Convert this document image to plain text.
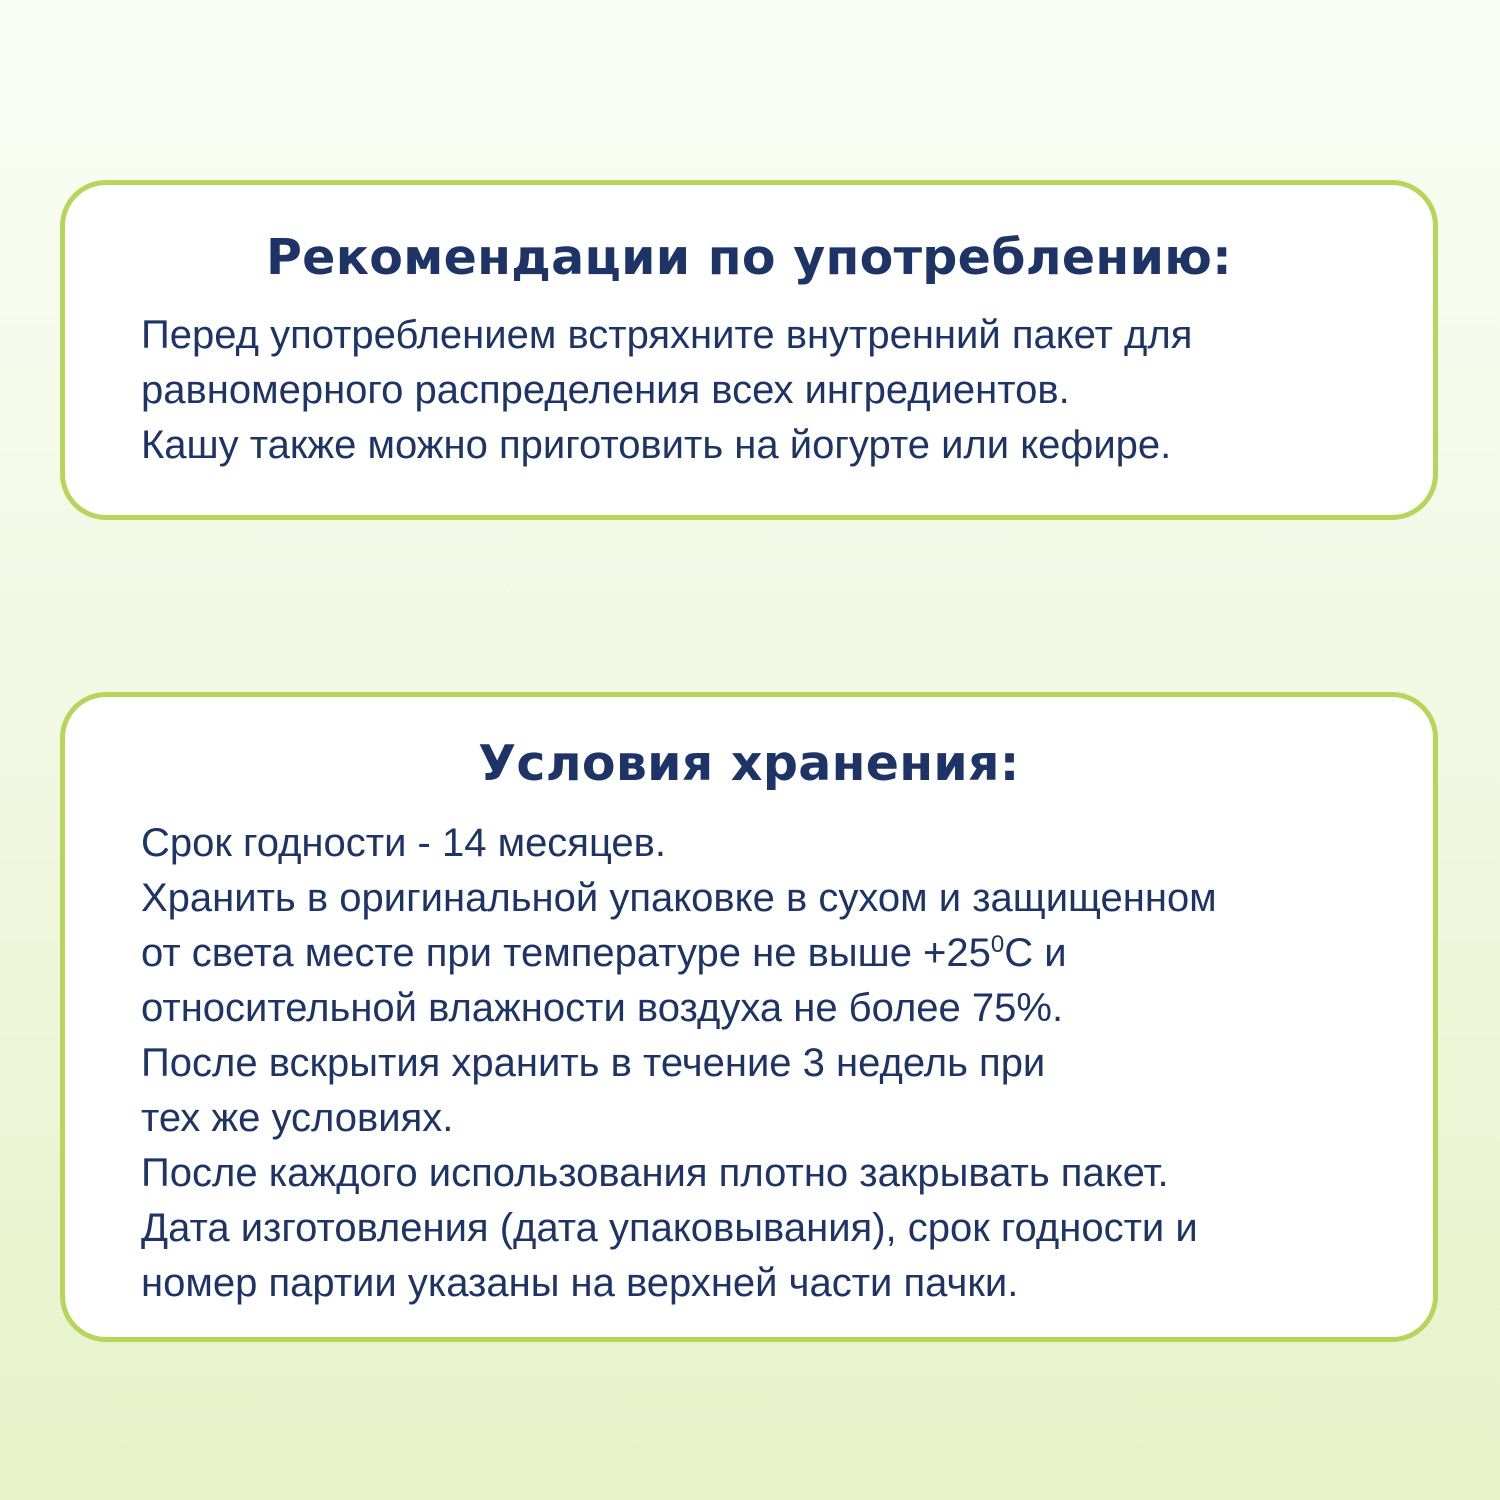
Рекомендации по употреблению:
Перед употреблением встряхните внутренний пакет для
равномерного распределения всех ингредиентов.
Кашу также можно приготовить на йогурте или кефире.
Условия хранения:
Срок годности - 14 месяцев.
Хранить в оригинальной упаковке в сухом и защищенном
от света месте при температуре не выше $+25^0С$ и
относительной влажности воздуха не более 75%.
После вскрытия хранить в течение 3 недель при
тех же условиях.
После каждого использования плотно закрывать пакет.
Дата изготовления (дата упаковывания), срок годности и
номер партии указаны на верхней части пачки.
